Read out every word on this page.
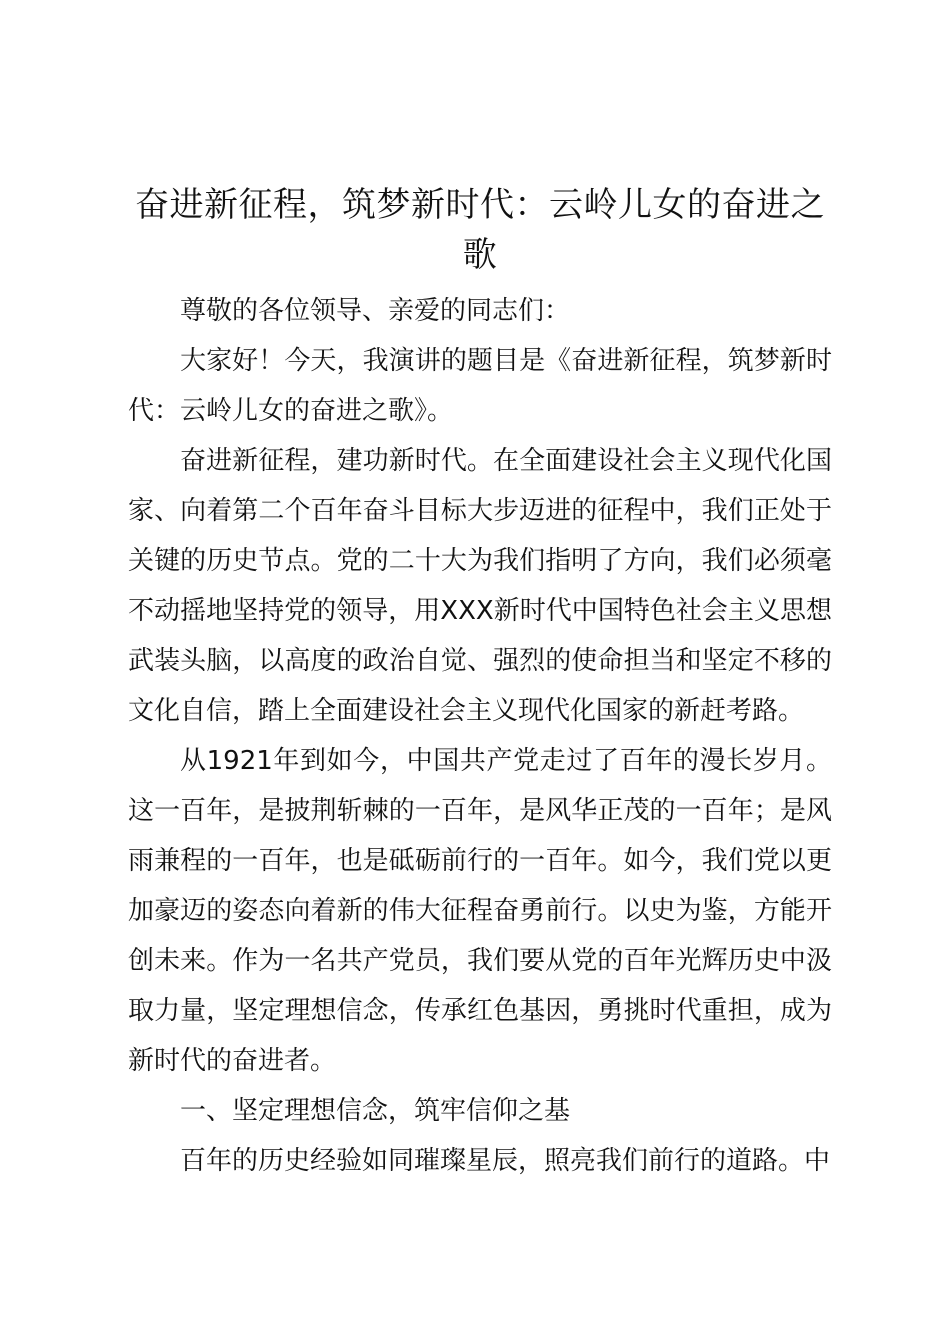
奋进新征程，筑梦新时代：云岭儿女的奋进之歌

尊敬的各位领导、亲爱的同志们：

大家好！今天，我演讲的题目是《奋进新征程，筑梦新时代：云岭儿女的奋进之歌》。

奋进新征程，建功新时代。在全面建设社会主义现代化国家、向着第二个百年奋斗目标大步迈进的征程中，我们正处于关键的历史节点。党的二十大为我们指明了方向，我们必须毫不动摇地坚持党的领导，用XXX新时代中国特色社会主义思想武装头脑，以高度的政治自觉、强烈的使命担当和坚定不移的文化自信，踏上全面建设社会主义现代化国家的新赶考路。

从1921年到如今，中国共产党走过了百年的漫长岁月。这一百年，是披荆斩棘的一百年，是风华正茂的一百年；是风雨兼程的一百年，也是砥砺前行的一百年。如今，我们党以更加豪迈的姿态向着新的伟大征程奋勇前行。以史为鉴，方能开创未来。作为一名共产党员，我们要从党的百年光辉历史中汲取力量，坚定理想信念，传承红色基因，勇挑时代重担，成为新时代的奋进者。

一、坚定理想信念，筑牢信仰之基

百年的历史经验如同璀璨星辰，照亮我们前行的道路。中
